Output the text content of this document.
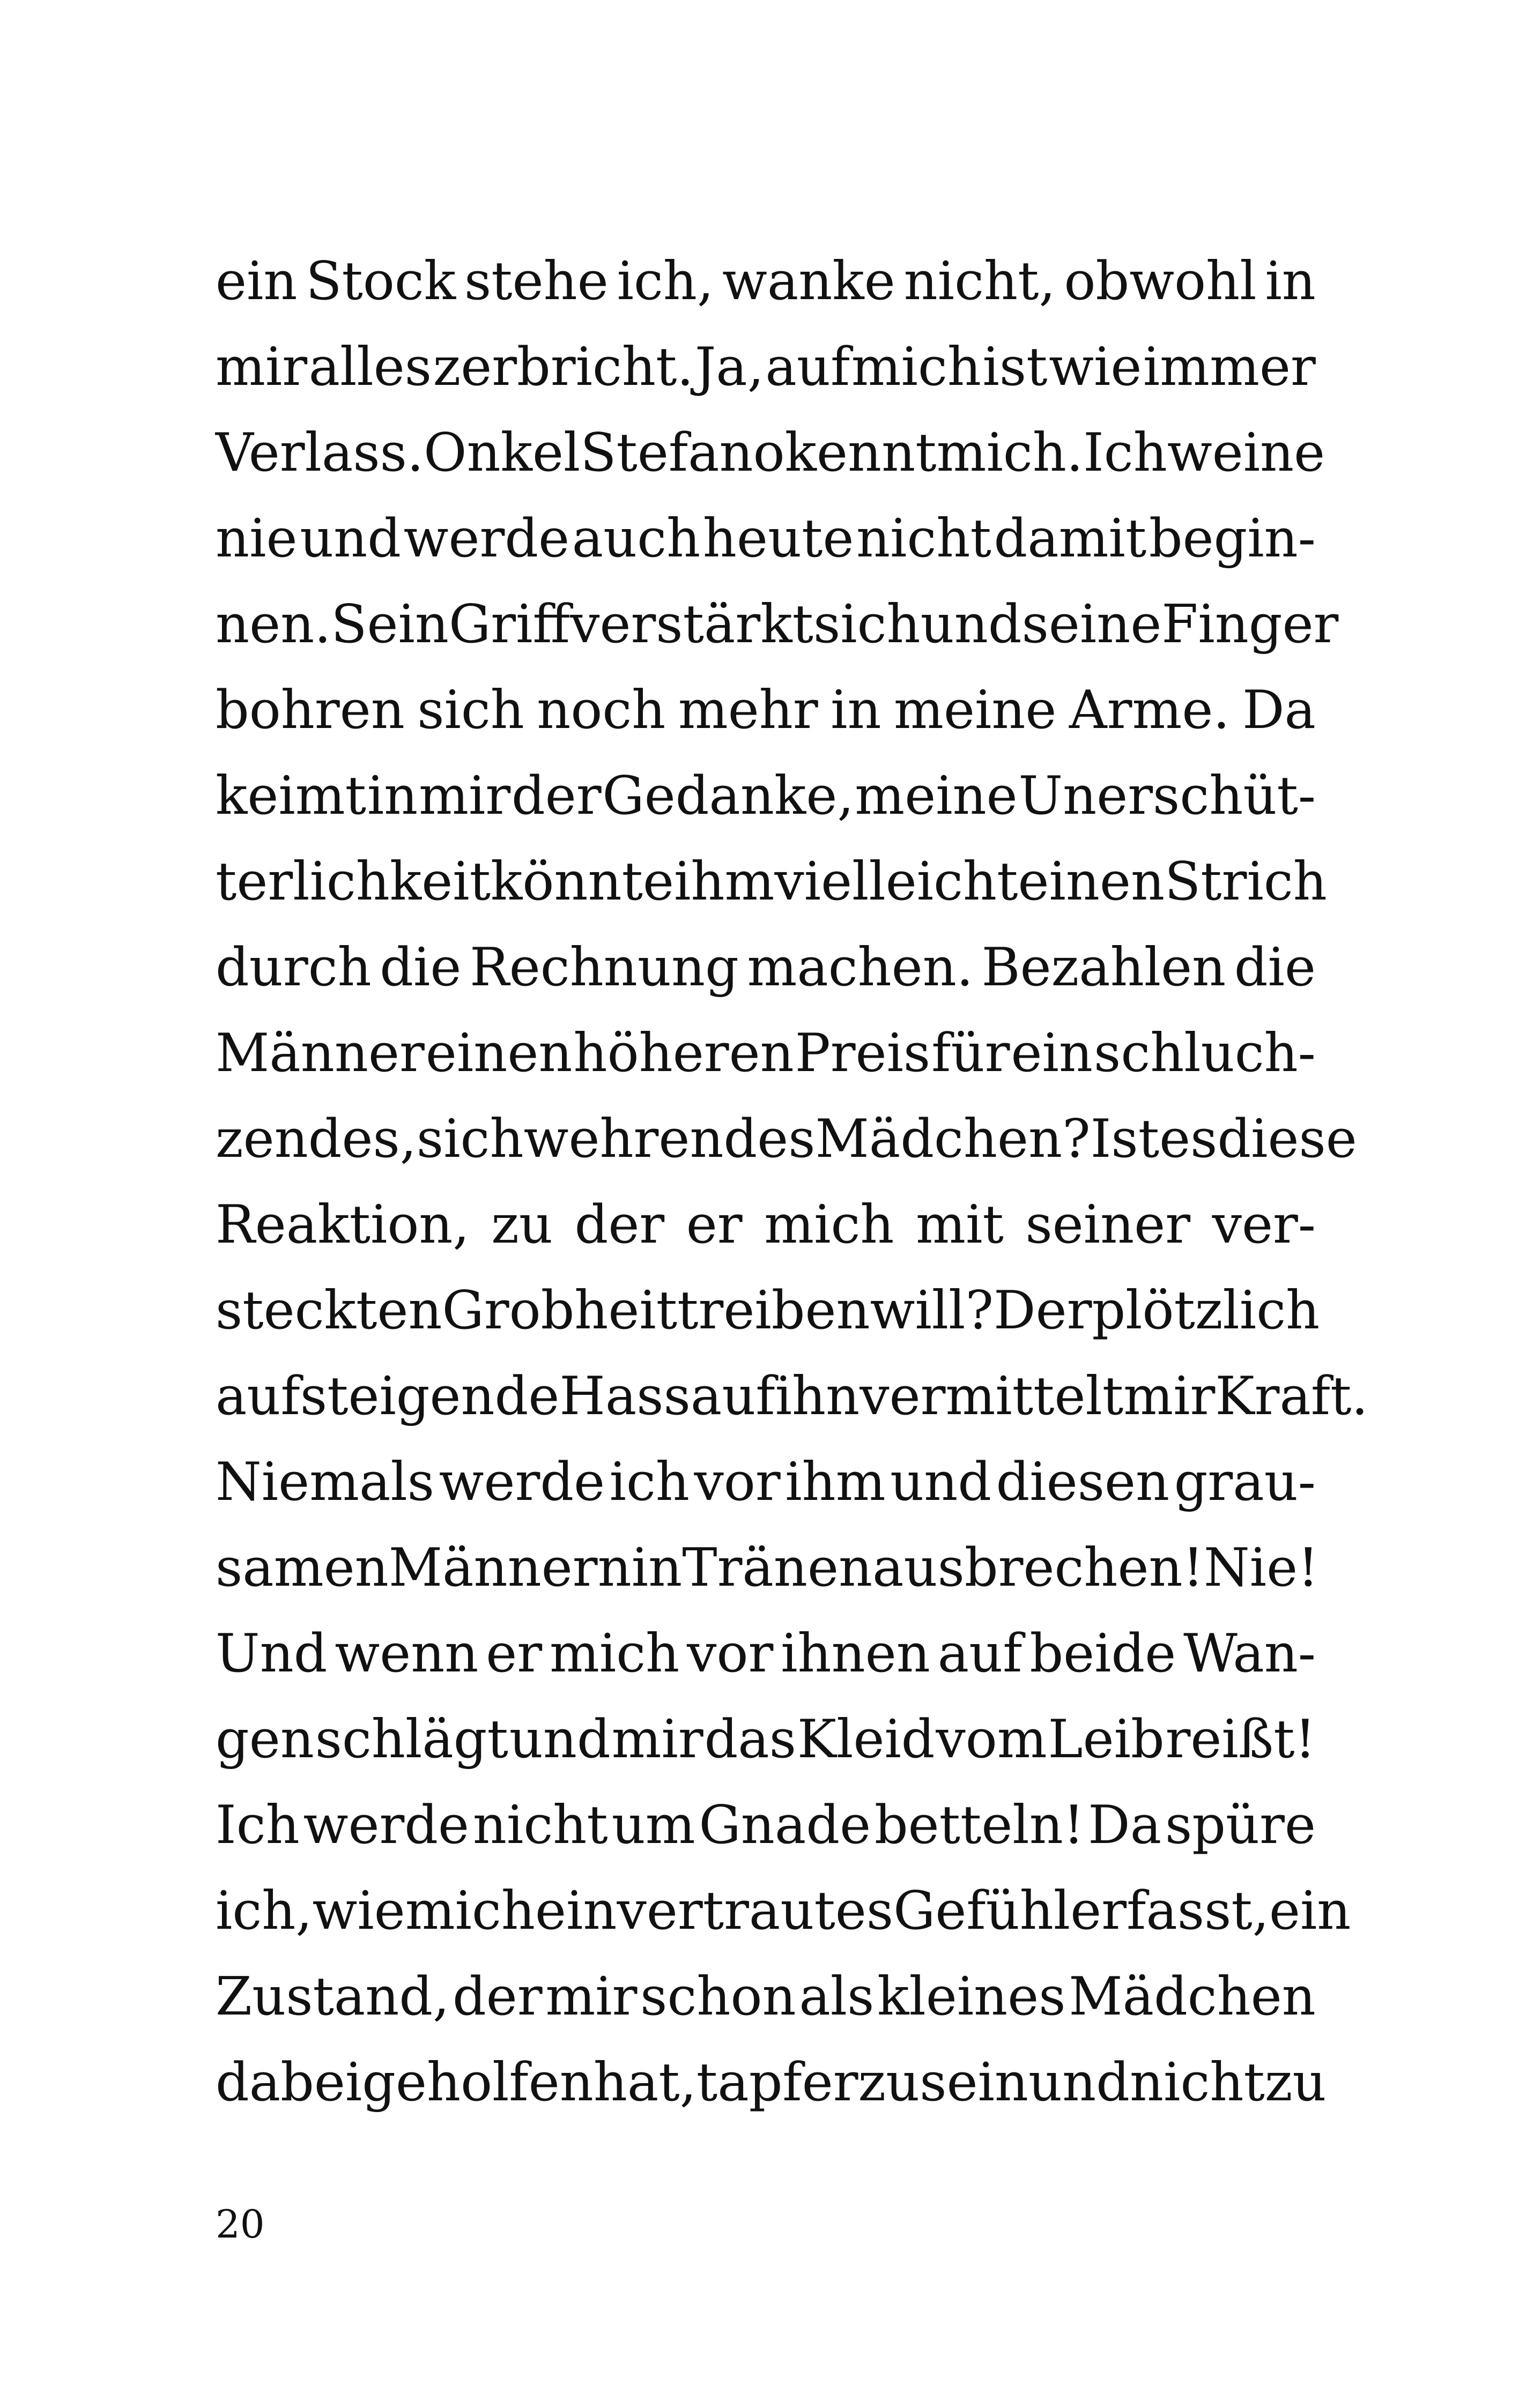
ein Stock stehe ich, wanke nicht, obwohl in
mir alles zerbricht. Ja, auf mich ist wie immer
Verlass. Onkel Stefano kennt mich. Ich weine
nie und werde auch heute nicht damit begin-
nen. Sein Griff verstärkt sich und seine Finger
bohren sich noch mehr in meine Arme. Da
keimt in mir der Gedanke, meine Unerschüt-
terlichkeit könnte ihm vielleicht einen Strich
durch die Rechnung machen. Bezahlen die
Männer einen höheren Preis für ein schluch-
zendes, sich wehrendes Mädchen? Ist es diese
Reaktion, zu der er mich mit seiner ver-
steckten Grobheit treiben will? Der plötzlich
aufsteigende Hass auf ihn vermittelt mir Kraft.
Niemals werde ich vor ihm und diesen grau-
samen Männern in Tränen ausbrechen! Nie!
Und wenn er mich vor ihnen auf beide Wan-
gen schlägt und mir das Kleid vom Leib reißt!
Ich werde nicht um Gnade betteln! Da spüre
ich, wie mich ein vertrautes Gefühl erfasst, ein
Zustand, der mir schon als kleines Mädchen
dabei geholfen hat, tapfer zu sein und nicht zu
20
